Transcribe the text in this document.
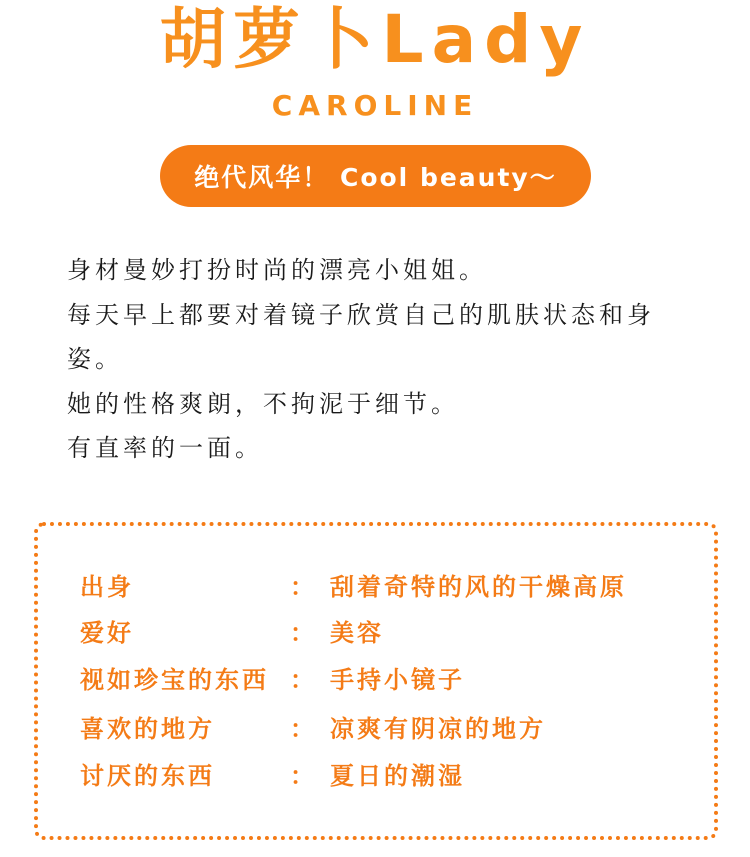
胡萝卜Lady
CAROLINE
绝代风华！ Cool beauty～

身材曼妙打扮时尚的漂亮小姐姐。

每天早上都要对着镜子欣赏自己的肌肤状态和身姿。

她的性格爽朗，不拘泥于细节。

有直率的一面。

出身	： 刮着奇特的风的干燥高原
爱好	： 美容
视如珍宝的东西 ： 手持小镜子
喜欢的地方	： 凉爽有阴凉的地方
讨厌的东西	： 夏日的潮湿
